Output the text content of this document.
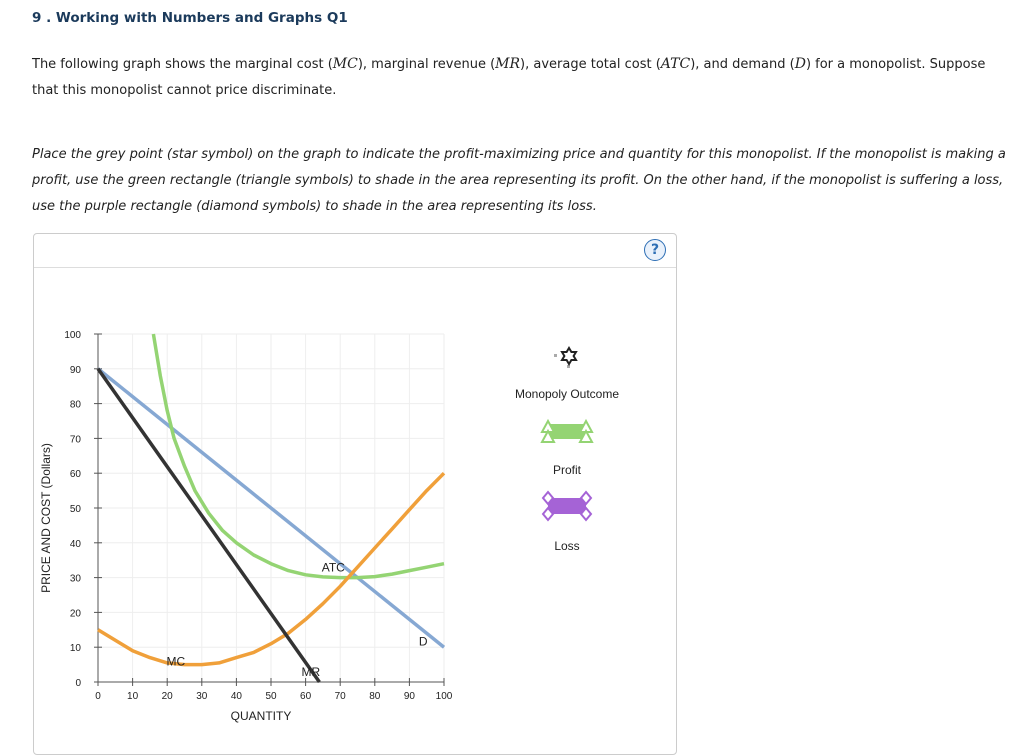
9 . Working with Numbers and Graphs Q1
The following graph shows the marginal cost (MC), marginal revenue (MR), average total cost (ATC), and demand (D) for a monopolist. Suppose that this monopolist cannot price discriminate.
Place the grey point (star symbol) on the graph to indicate the profit-maximizing price and quantity for this monopolist. If the monopolist is making a profit, use the green rectangle (triangle symbols) to shade in the area representing its profit. On the other hand, if the monopolist is suffering a loss, use the purple rectangle (diamond symbols) to shade in the area representing its loss.
?
0
10
20
30
40
50
60
70
80
90
100
0	10 20 30 40 50 60 70 80 90 100
QUANTITY
PRICE AND COST (Dollars)
D
MR
MC
ATC
Monopoly Outcome
Profit
Loss
